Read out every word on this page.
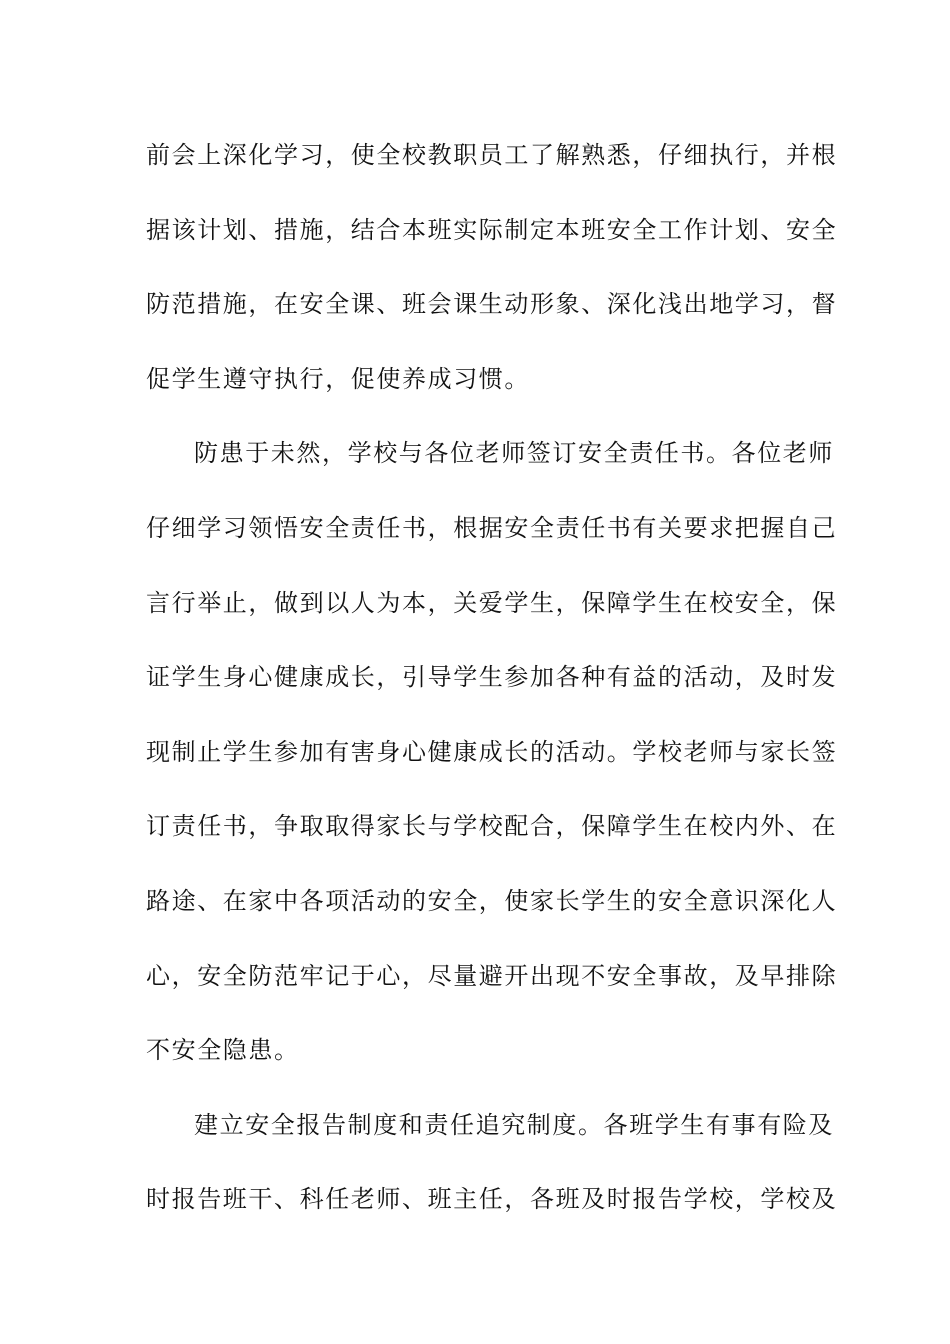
前会上深化学习，使全校教职员工了解熟悉，仔细执行，并根
据该计划、措施，结合本班实际制定本班安全工作计划、安全
防范措施，在安全课、班会课生动形象、深化浅出地学习，督
促学生遵守执行，促使养成习惯。
防患于未然，学校与各位老师签订安全责任书。各位老师
仔细学习领悟安全责任书，根据安全责任书有关要求把握自己
言行举止，做到以人为本，关爱学生，保障学生在校安全，保
证学生身心健康成长，引导学生参加各种有益的活动，及时发
现制止学生参加有害身心健康成长的活动。学校老师与家长签
订责任书，争取取得家长与学校配合，保障学生在校内外、在
路途、在家中各项活动的安全，使家长学生的安全意识深化人
心，安全防范牢记于心，尽量避开出现不安全事故，及早排除
不安全隐患。
建立安全报告制度和责任追究制度。各班学生有事有险及
时报告班干、科任老师、班主任，各班及时报告学校，学校及
